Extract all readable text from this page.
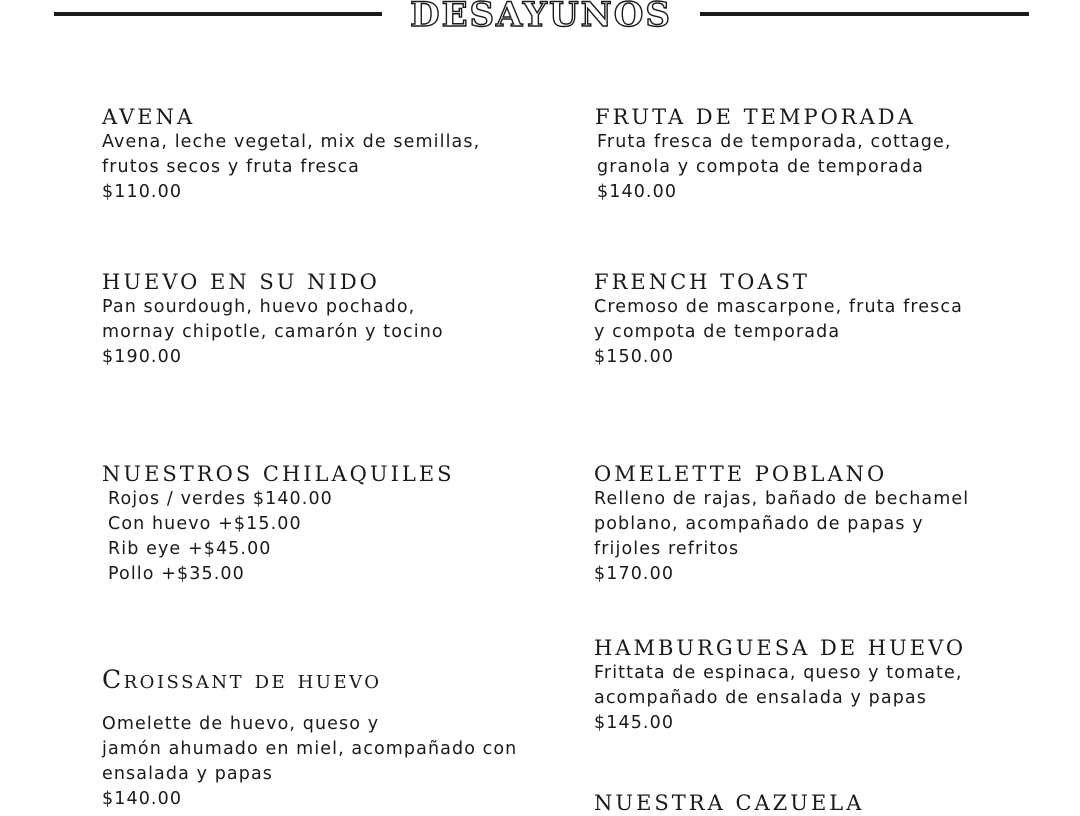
DESAYUNOS
AVENA
Avena, leche vegetal, mix de semillas,
frutos secos y fruta fresca
$110.00
FRUTA DE TEMPORADA
Fruta fresca de temporada, cottage,
granola y compota de temporada
$140.00
HUEVO EN SU NIDO
Pan sourdough, huevo pochado,
mornay chipotle, camarón y tocino
$190.00
FRENCH TOAST
Cremoso de mascarpone, fruta fresca
y compota de temporada
$150.00
NUESTROS CHILAQUILES
Rojos / verdes $140.00
Con huevo +$15.00
Rib eye +$45.00
Pollo +$35.00
OMELETTE POBLANO
Relleno de rajas, bañado de bechamel
poblano, acompañado de papas y
frijoles refritos
$170.00
Croissant de huevo
Omelette de huevo, queso y
jamón ahumado en miel, acompañado con
ensalada y papas
$140.00
HAMBURGUESA DE HUEVO
Frittata de espinaca, queso y tomate,
acompañado de ensalada y papas
$145.00
NUESTRA CAZUELA
